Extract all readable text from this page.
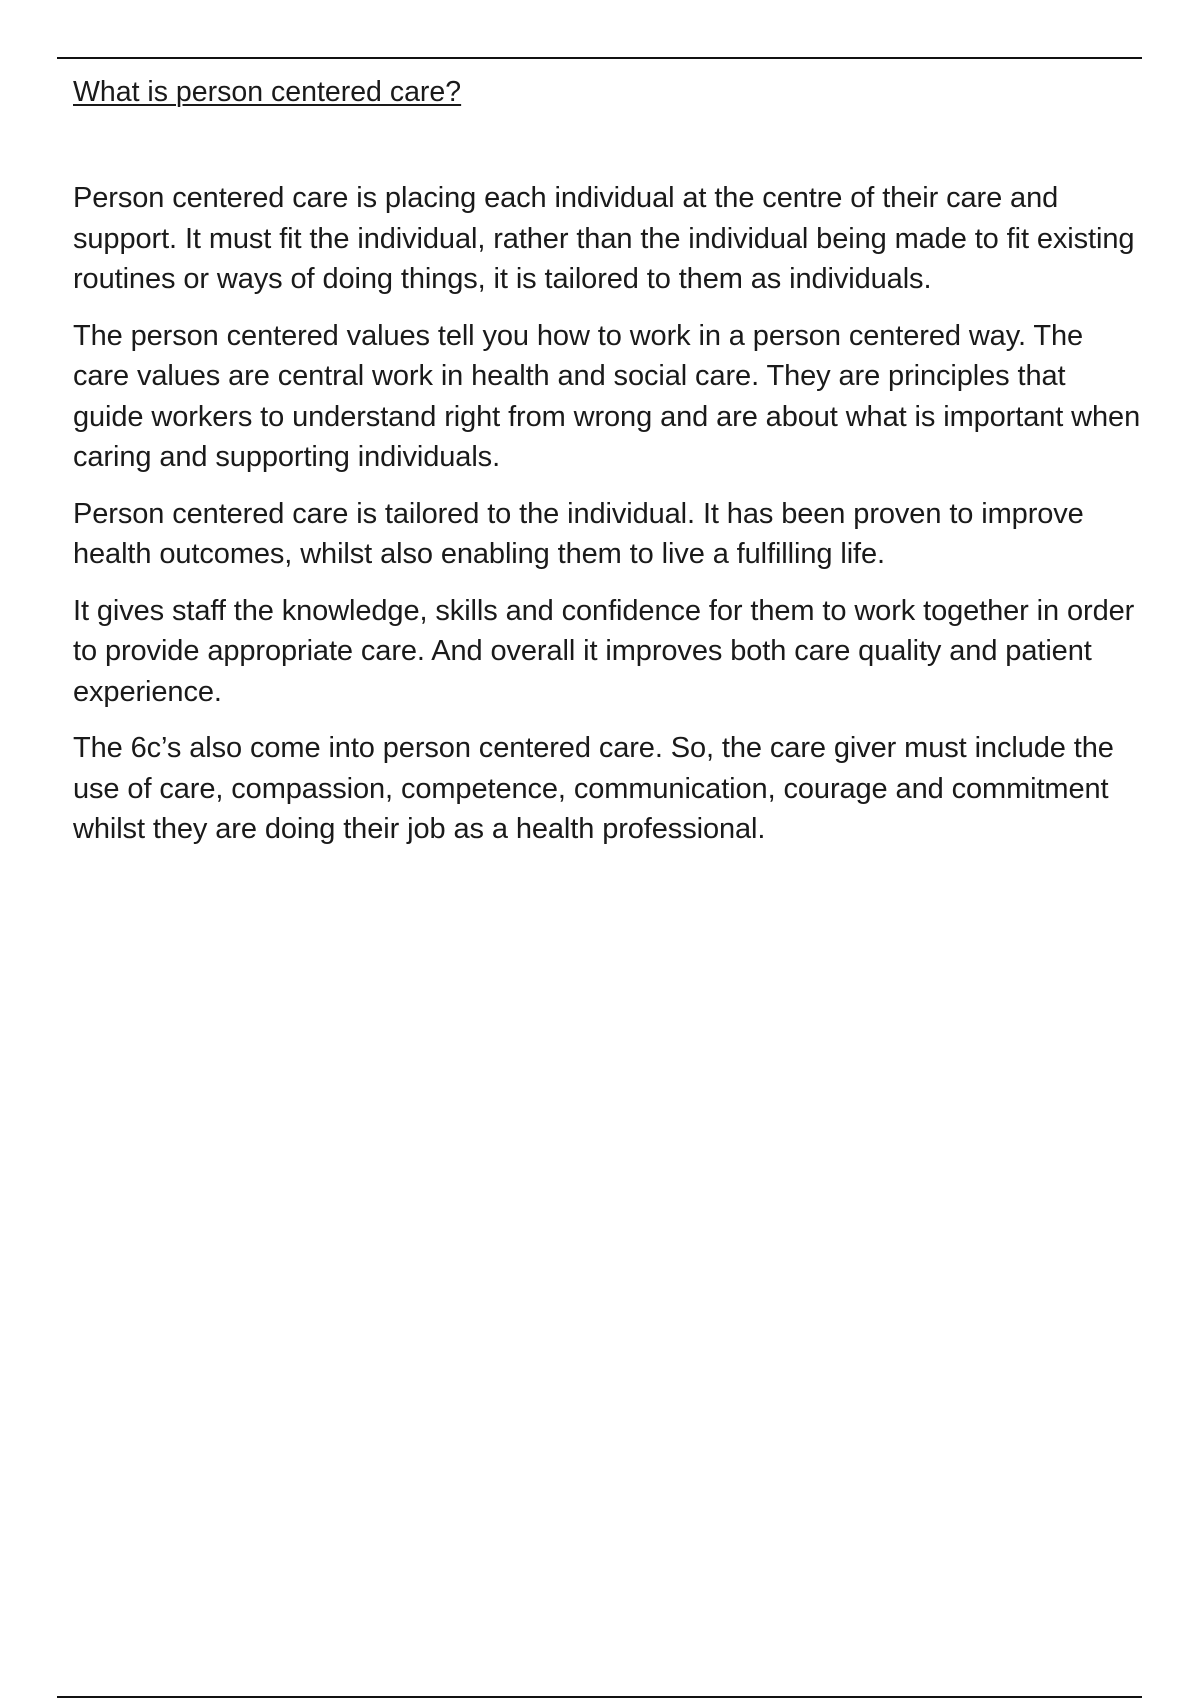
What is person centered care?

Person centered care is placing each individual at the centre of their care and support. It must fit the individual, rather than the individual being made to fit existing routines or ways of doing things, it is tailored to them as individuals.

The person centered values tell you how to work in a person centered way. The care values are central work in health and social care. They are principles that guide workers to understand right from wrong and are about what is important when caring and supporting individuals.

Person centered care is tailored to the individual. It has been proven to improve health outcomes, whilst also enabling them to live a fulfilling life.

It gives staff the knowledge, skills and confidence for them to work together in order to provide appropriate care. And overall it improves both care quality and patient experience.

The 6c’s also come into person centered care. So, the care giver must include the use of care, compassion, competence, communication, courage and commitment whilst they are doing their job as a health professional.
